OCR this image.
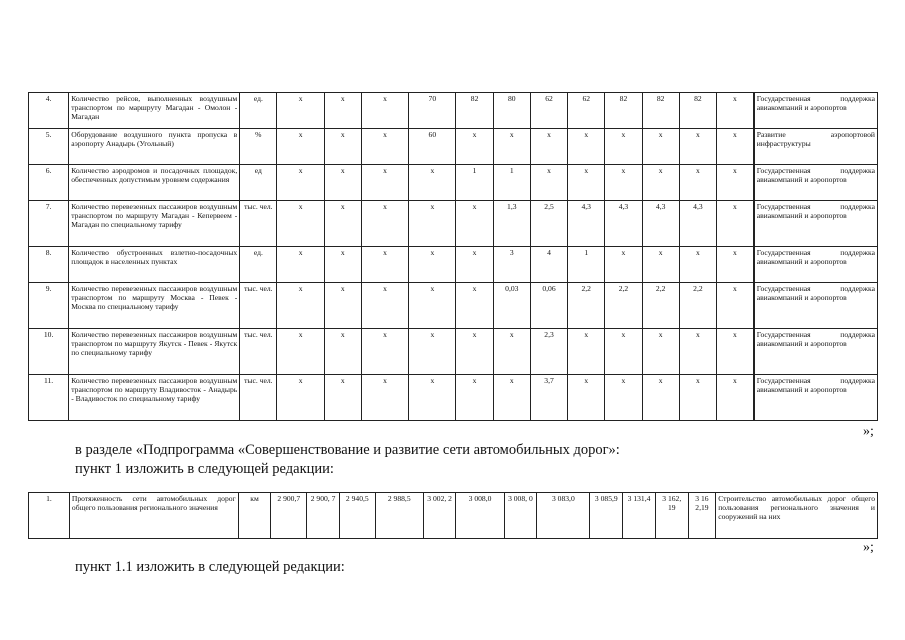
4.	Количество рейсов, выполненных воздушным транспортом по маршруту Магадан - Омолон - Магадан	ед.	х	х	х	70	82	80	62	62	82	82	82	х	Государственная поддержка авиакомпаний и аэропортов
5.	Оборудование воздушного пункта пропуска в аэропорту Анадырь (Угольный)	%	х	х	х	60	х	х	х	х	х	х	х	х	Развитие аэропортовой инфраструктуры
6.	Количество аэродромов и посадочных площадок, обеспеченных допустимым уровнем содержания	ед	х	х	х	х	1	1	х	х	х	х	х	х	Государственная поддержка авиакомпаний и аэропортов
7.	Количество перевезенных пассажиров воздушным транспортом по маршруту Магадан - Кепервеем - Магадан по специальному тарифу	тыс. чел.	х	х	х	х	х	1,3	2,5	4,3	4,3	4,3	4,3	х	Государственная поддержка авиакомпаний и аэропортов
8.	Количество обустроенных взлетно-посадочных площадок в населенных пунктах	ед.	х	х	х	х	х	3	4	1	х	х	х	х	Государственная поддержка авиакомпаний и аэропортов
9.	Количество перевезенных пассажиров воздушным транспортом по маршруту Москва - Певек - Москва по специальному тарифу	тыс. чел.	х	х	х	х	х	0,03	0,06	2,2	2,2	2,2	2,2	х	Государственная поддержка авиакомпаний и аэропортов
10.	Количество перевезенных пассажиров воздушным транспортом по маршруту Якутск - Певек - Якутск по специальному тарифу	тыс. чел.	х	х	х	х	х	х	2,3	х	х	х	х	х	Государственная поддержка авиакомпаний и аэропортов
11.	Количество перевезенных пассажиров воздушным транспортом по маршруту Владивосток - Анадырь - Владивосток по специальному тарифу	тыс. чел.	х	х	х	х	х	х	3,7	х	х	х	х	х	Государственная поддержка авиакомпаний и аэропортов
»;
в разделе «Подпрограмма «Совершенствование и развитие сети автомобильных дорог»:
пункт 1 изложить в следующей редакции:
1.	Протяженность сети автомобильных дорог общего пользования регионального значения	км	2 900,7	2 900, 7	2 940,5	2 988,5	3 002, 2	3 008,0	3 008, 0	3 083,0	3 085,9	3 131,4	3 162, 19	3 16 2,19	Строительство автомобильных дорог общего пользования регионального значения и сооружений на них
»;
пункт 1.1 изложить в следующей редакции:
